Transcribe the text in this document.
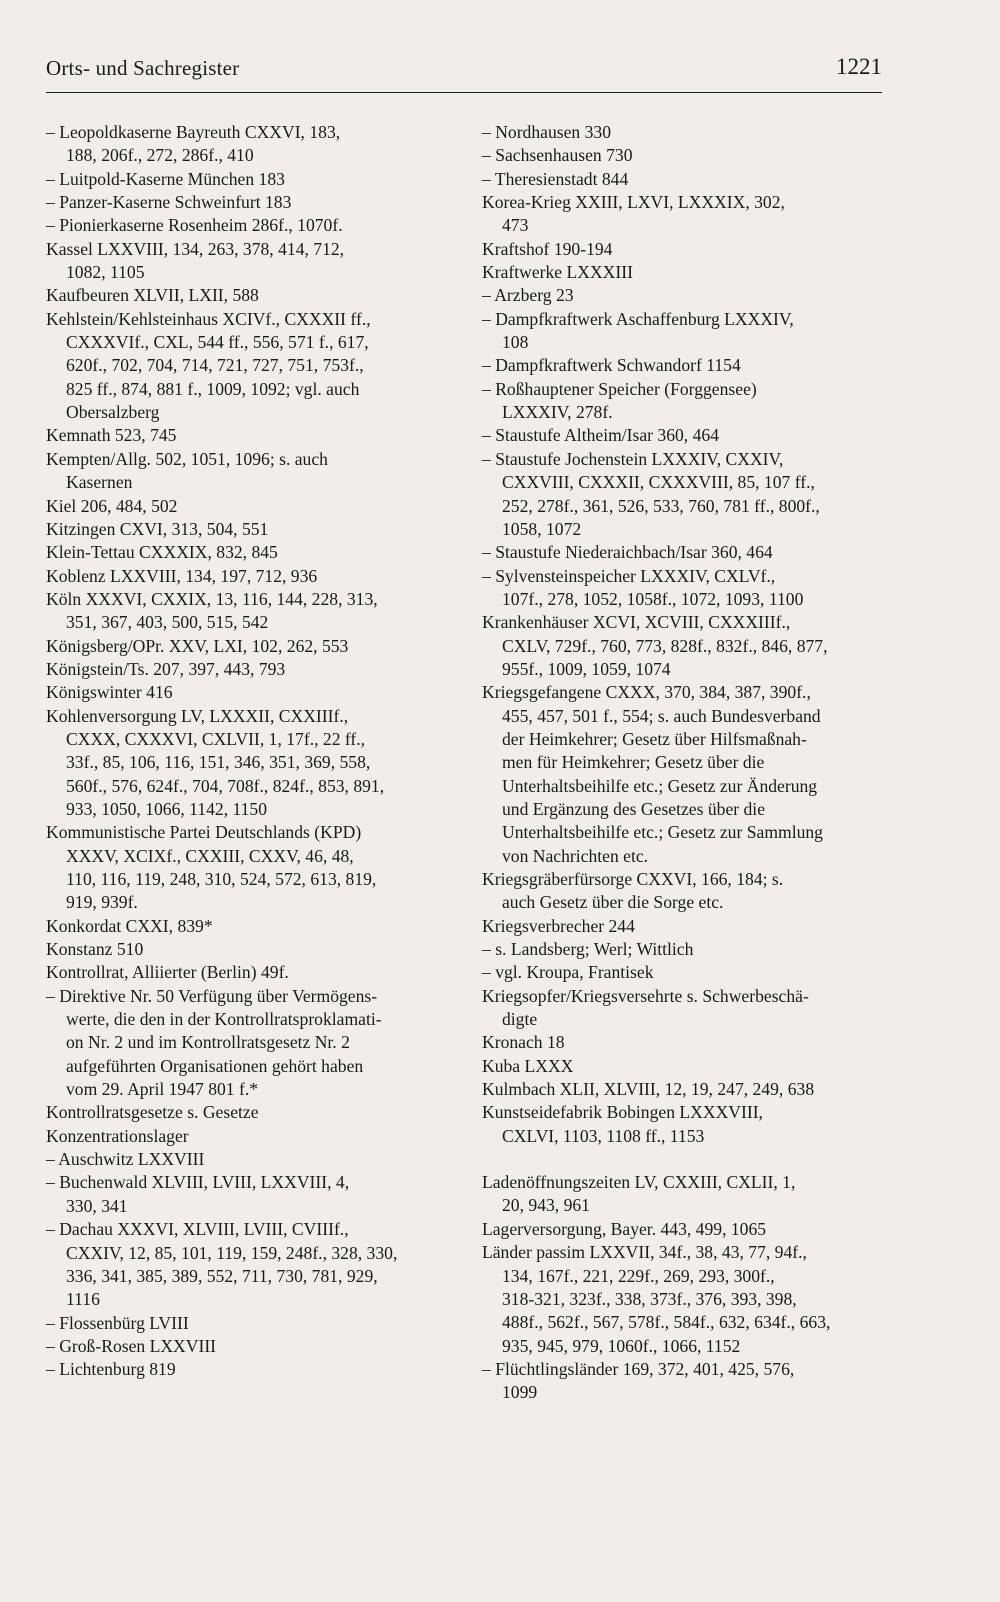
Orts- und Sachregister	1221
– Leopoldkaserne Bayreuth CXXVI, 183,
188, 206f., 272, 286f., 410
– Luitpold-Kaserne München 183
– Panzer-Kaserne Schweinfurt 183
– Pionierkaserne Rosenheim 286f., 1070f.
Kassel LXXVIII, 134, 263, 378, 414, 712,
1082, 1105
Kaufbeuren XLVII, LXII, 588
Kehlstein/Kehlsteinhaus XCIVf., CXXXII ff.,
CXXXVIf., CXL, 544 ff., 556, 571 f., 617,
620f., 702, 704, 714, 721, 727, 751, 753f.,
825 ff., 874, 881 f., 1009, 1092; vgl. auch
Obersalzberg
Kemnath 523, 745
Kempten/Allg. 502, 1051, 1096; s. auch
Kasernen
Kiel 206, 484, 502
Kitzingen CXVI, 313, 504, 551
Klein-Tettau CXXXIX, 832, 845
Koblenz LXXVIII, 134, 197, 712, 936
Köln XXXVI, CXXIX, 13, 116, 144, 228, 313,
351, 367, 403, 500, 515, 542
Königsberg/OPr. XXV, LXI, 102, 262, 553
Königstein/Ts. 207, 397, 443, 793
Königswinter 416
Kohlenversorgung LV, LXXXII, CXXIIIf.,
CXXX, CXXXVI, CXLVII, 1, 17f., 22 ff.,
33f., 85, 106, 116, 151, 346, 351, 369, 558,
560f., 576, 624f., 704, 708f., 824f., 853, 891,
933, 1050, 1066, 1142, 1150
Kommunistische Partei Deutschlands (KPD)
XXXV, XCIXf., CXXIII, CXXV, 46, 48,
110, 116, 119, 248, 310, 524, 572, 613, 819,
919, 939f.
Konkordat CXXI, 839*
Konstanz 510
Kontrollrat, Alliierter (Berlin) 49f.
– Direktive Nr. 50 Verfügung über Vermögens-
werte, die den in der Kontrollratsproklamati-
on Nr. 2 und im Kontrollratsgesetz Nr. 2
aufgeführten Organisationen gehört haben
vom 29. April 1947 801 f.*
Kontrollratsgesetze s. Gesetze
Konzentrationslager
– Auschwitz LXXVIII
– Buchenwald XLVIII, LVIII, LXXVIII, 4,
330, 341
– Dachau XXXVI, XLVIII, LVIII, CVIIIf.,
CXXIV, 12, 85, 101, 119, 159, 248f., 328, 330,
336, 341, 385, 389, 552, 711, 730, 781, 929,
1116
– Flossenbürg LVIII
– Groß-Rosen LXXVIII
– Lichtenburg 819
– Nordhausen 330
– Sachsenhausen 730
– Theresienstadt 844
Korea-Krieg XXIII, LXVI, LXXXIX, 302,
473
Kraftshof 190-194
Kraftwerke LXXXIII
– Arzberg 23
– Dampfkraftwerk Aschaffenburg LXXXIV,
108
– Dampfkraftwerk Schwandorf 1154
– Roßhauptener Speicher (Forggensee)
LXXXIV, 278f.
– Staustufe Altheim/Isar 360, 464
– Staustufe Jochenstein LXXXIV, CXXIV,
CXXVIII, CXXXII, CXXXVIII, 85, 107 ff.,
252, 278f., 361, 526, 533, 760, 781 ff., 800f.,
1058, 1072
– Staustufe Niederaichbach/Isar 360, 464
– Sylvensteinspeicher LXXXIV, CXLVf.,
107f., 278, 1052, 1058f., 1072, 1093, 1100
Krankenhäuser XCVI, XCVIII, CXXXIIIf.,
CXLV, 729f., 760, 773, 828f., 832f., 846, 877,
955f., 1009, 1059, 1074
Kriegsgefangene CXXX, 370, 384, 387, 390f.,
455, 457, 501 f., 554; s. auch Bundesverband
der Heimkehrer; Gesetz über Hilfsmaßnah-
men für Heimkehrer; Gesetz über die
Unterhaltsbeihilfe etc.; Gesetz zur Änderung
und Ergänzung des Gesetzes über die
Unterhaltsbeihilfe etc.; Gesetz zur Sammlung
von Nachrichten etc.
Kriegsgräberfürsorge CXXVI, 166, 184; s.
auch Gesetz über die Sorge etc.
Kriegsverbrecher 244
– s. Landsberg; Werl; Wittlich
– vgl. Kroupa, Frantisek
Kriegsopfer/Kriegsversehrte s. Schwerbeschä-
digte
Kronach 18
Kuba LXXX
Kulmbach XLII, XLVIII, 12, 19, 247, 249, 638
Kunstseidefabrik Bobingen LXXXVIII,
CXLVI, 1103, 1108 ff., 1153
Ladenöffnungszeiten LV, CXXIII, CXLII, 1,
20, 943, 961
Lagerversorgung, Bayer. 443, 499, 1065
Länder passim LXXVII, 34f., 38, 43, 77, 94f.,
134, 167f., 221, 229f., 269, 293, 300f.,
318-321, 323f., 338, 373f., 376, 393, 398,
488f., 562f., 567, 578f., 584f., 632, 634f., 663,
935, 945, 979, 1060f., 1066, 1152
– Flüchtlingsländer 169, 372, 401, 425, 576,
1099
